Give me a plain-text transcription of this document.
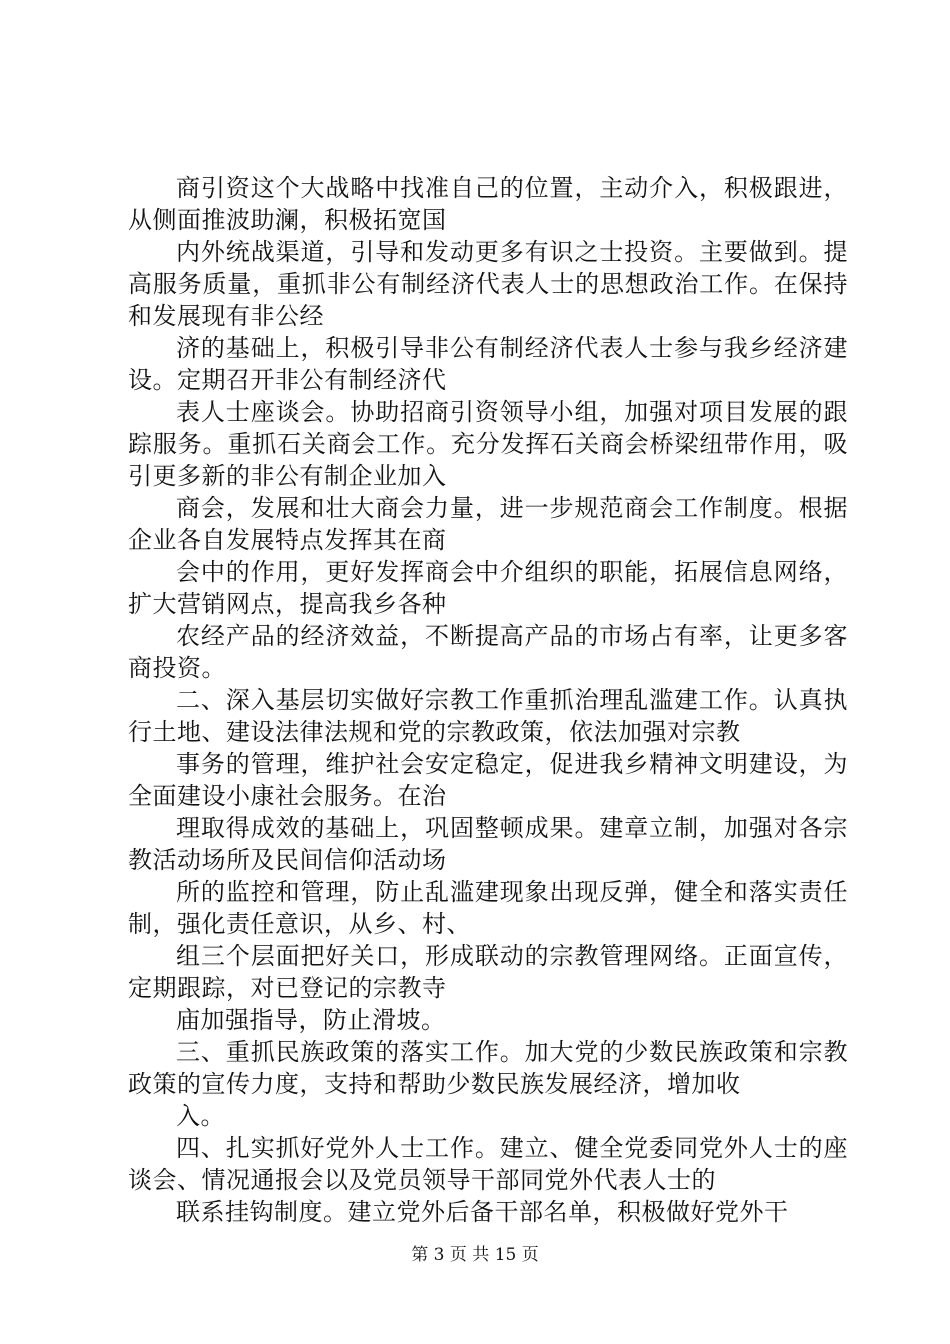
商引资这个大战略中找准自己的位置，主动介入，积极跟进，从侧面推波助澜，积极拓宽国

内外统战渠道，引导和发动更多有识之士投资。主要做到。提高服务质量，重抓非公有制经济代表人士的思想政治工作。在保持和发展现有非公经

济的基础上，积极引导非公有制经济代表人士参与我乡经济建设。定期召开非公有制经济代

表人士座谈会。协助招商引资领导小组，加强对项目发展的跟踪服务。重抓石关商会工作。充分发挥石关商会桥梁纽带作用，吸引更多新的非公有制企业加入

商会，发展和壮大商会力量，进一步规范商会工作制度。根据企业各自发展特点发挥其在商

会中的作用，更好发挥商会中介组织的职能，拓展信息网络，扩大营销网点，提高我乡各种

农经产品的经济效益，不断提高产品的市场占有率，让更多客商投资。

二、深入基层切实做好宗教工作重抓治理乱滥建工作。认真执行土地、建设法律法规和党的宗教政策，依法加强对宗教

事务的管理，维护社会安定稳定，促进我乡精神文明建设，为全面建设小康社会服务。在治

理取得成效的基础上，巩固整顿成果。建章立制，加强对各宗教活动场所及民间信仰活动场

所的监控和管理，防止乱滥建现象出现反弹，健全和落实责任制，强化责任意识，从乡、村、

组三个层面把好关口，形成联动的宗教管理网络。正面宣传，定期跟踪，对已登记的宗教寺

庙加强指导，防止滑坡。

三、重抓民族政策的落实工作。加大党的少数民族政策和宗教政策的宣传力度，支持和帮助少数民族发展经济，增加收

入。

四、扎实抓好党外人士工作。建立、健全党委同党外人士的座谈会、情况通报会以及党员领导干部同党外代表人士的

联系挂钩制度。建立党外后备干部名单，积极做好党外干

第 3 页 共 15 页
